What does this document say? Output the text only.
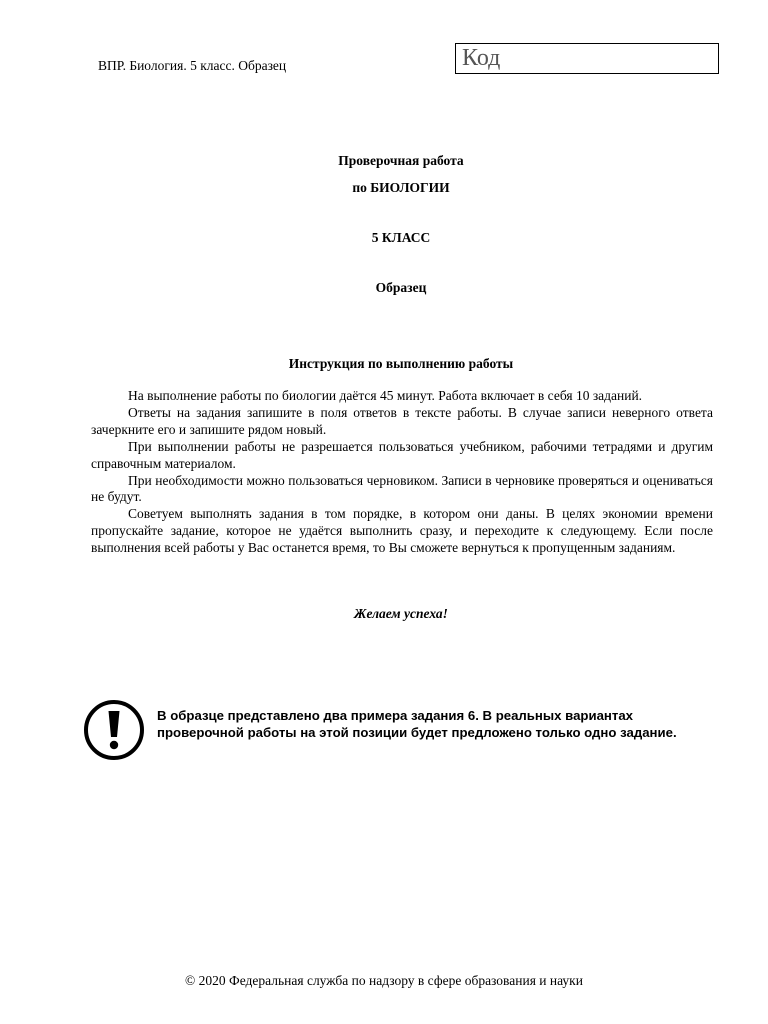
ВПР. Биология. 5 класс. Образец	Код
Проверочная работа
по БИОЛОГИИ
5 КЛАСС
Образец
Инструкция по выполнению работы

На выполнение работы по биологии даётся 45 минут. Работа включает в себя 10 заданий.

Ответы на задания запишите в поля ответов в тексте работы. В случае записи неверного ответа зачеркните его и запишите рядом новый.

При выполнении работы не разрешается пользоваться учебником, рабочими тетрадями и другим справочным материалом.

При необходимости можно пользоваться черновиком. Записи в черновике проверяться и оцениваться не будут.

Советуем выполнять задания в том порядке, в котором они даны. В целях экономии времени пропускайте задание, которое не удаётся выполнить сразу, и переходите к следующему. Если после выполнения всей работы у Вас останется время, то Вы сможете вернуться к пропущенным заданиям.

Желаем успеха!
В образце представлено два примера задания 6. В реальных вариантах проверочной работы на этой позиции будет предложено только одно задание.
© 2020 Федеральная служба по надзору в сфере образования и науки
